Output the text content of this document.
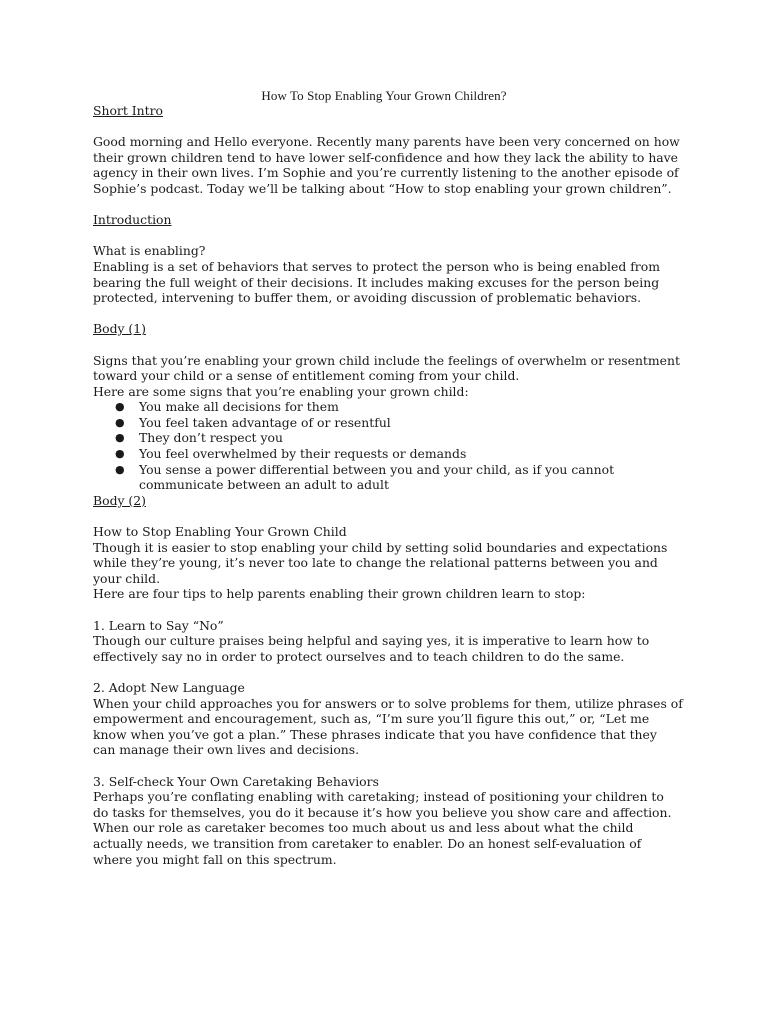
How To Stop Enabling Your Grown Children?

Short Intro

Good morning and Hello everyone. Recently many parents have been very concerned on how their grown children tend to have lower self-confidence and how they lack the ability to have agency in their own lives. I’m Sophie and you’re currently listening to the another episode of Sophie’s podcast. Today we’ll be talking about “How to stop enabling your grown children”.

Introduction

What is enabling?

Enabling is a set of behaviors that serves to protect the person who is being enabled from bearing the full weight of their decisions. It includes making excuses for the person being protected, intervening to buffer them, or avoiding discussion of problematic behaviors.

Body (1)

Signs that you’re enabling your grown child include the feelings of overwhelm or resentment toward your child or a sense of entitlement coming from your child.

Here are some signs that you’re enabling your grown child:

● You make all decisions for them
● You feel taken advantage of or resentful
● They don’t respect you
● You feel overwhelmed by their requests or demands
● You sense a power differential between you and your child, as if you cannot communicate between an adult to adult

Body (2)

How to Stop Enabling Your Grown Child

Though it is easier to stop enabling your child by setting solid boundaries and expectations while they’re young, it’s never too late to change the relational patterns between you and your child.

Here are four tips to help parents enabling their grown children learn to stop:

1. Learn to Say “No”

Though our culture praises being helpful and saying yes, it is imperative to learn how to effectively say no in order to protect ourselves and to teach children to do the same.

2. Adopt New Language

When your child approaches you for answers or to solve problems for them, utilize phrases of empowerment and encouragement, such as, “I’m sure you’ll figure this out,” or, “Let me know when you’ve got a plan.” These phrases indicate that you have confidence that they can manage their own lives and decisions.

3. Self-check Your Own Caretaking Behaviors

Perhaps you’re conflating enabling with caretaking; instead of positioning your children to do tasks for themselves, you do it because it’s how you believe you show care and affection. When our role as caretaker becomes too much about us and less about what the child actually needs, we transition from caretaker to enabler. Do an honest self-evaluation of where you might fall on this spectrum.
